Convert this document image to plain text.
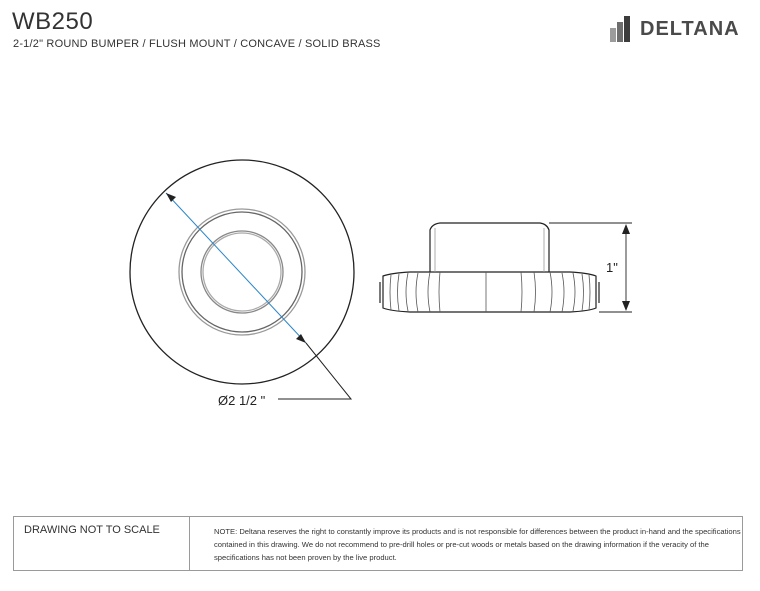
WB250
2-1/2" ROUND BUMPER / FLUSH MOUNT / CONCAVE / SOLID BRASS
DELTANA
Ø2 1/2 "
1"
DRAWING NOT TO SCALE	NOTE: Deltana reserves the right to constantly improve its products and is not responsible for differences between the product in-hand and the specifications contained in this drawing. We do not recommend to pre-drill holes or pre-cut woods or metals based on the drawing information if the veracity of the specifications has not been proven by the live product.
